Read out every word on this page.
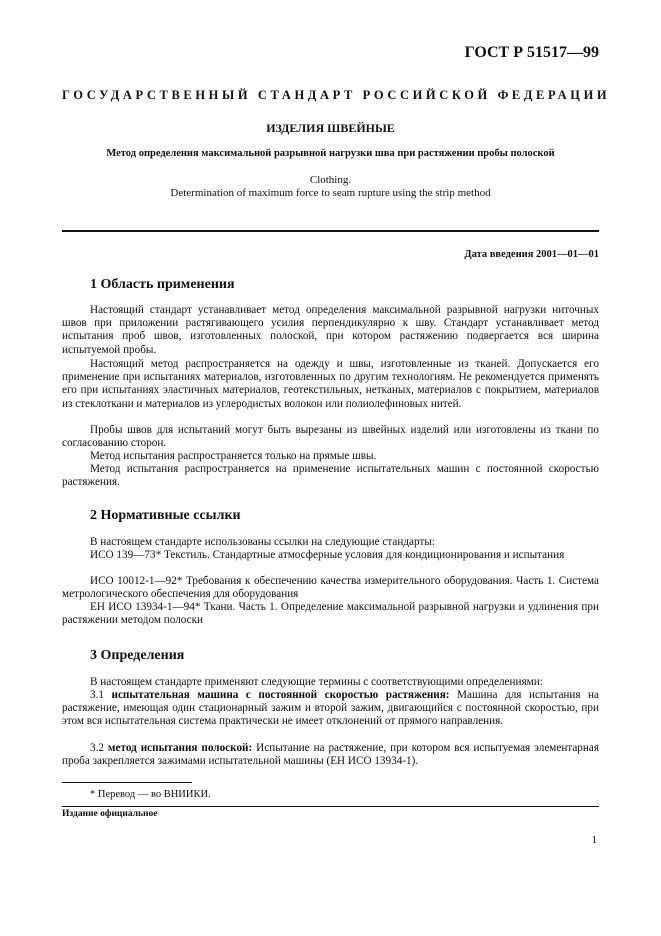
ГОСТ Р 51517—99
ГОСУДАРСТВЕННЫЙ СТАНДАРТ РОССИЙСКОЙ ФЕДЕРАЦИИ
ИЗДЕЛИЯ ШВЕЙНЫЕ
Метод определения максимальной разрывной нагрузки шва при растяжении пробы полоской
Clothing.
Determination of maximum force to seam rupture using the strip method
Дата введения 2001—01—01
1 Область применения

Настоящий стандарт устанавливает метод определения максимальной разрывной нагрузки ниточных швов при приложении растягивающего усилия перпендикулярно к шву. Стандарт устанавливает метод испытания проб швов, изготовленных полоской, при котором растяжению подвергается вся ширина испытуемой пробы.

Настоящий метод распространяется на одежду и швы, изготовленные из тканей. Допускается его применение при испытаниях материалов, изготовленных по другим технологиям. Не рекомендуется применять его при испытаниях эластичных материалов, геотекстильных, нетканых, материалов с покрытием, материалов из стеклоткани и материалов из углеродистых волокон или полиолефиновых нитей.

Пробы швов для испытаний могут быть вырезаны из швейных изделий или изготовлены из ткани по согласованию сторон.

Метод испытания распространяется только на прямые швы.

Метод испытания распространяется на применение испытательных машин с постоянной скоростью растяжения.

2 Нормативные ссылки

В настоящем стандарте использованы ссылки на следующие стандарты:

ИСО 139—73* Текстиль. Стандартные атмосферные условия для кондиционирования и испытания

ИСО 10012-1—92* Требования к обеспечению качества измерительного оборудования. Часть 1. Система метрологического обеспечения для оборудования

ЕН ИСО 13934-1—94* Ткани. Часть 1. Определение максимальной разрывной нагрузки и удлинения при растяжении методом полоски

3 Определения

В настоящем стандарте применяют следующие термины с соответствующими определениями:

3.1 испытательная машина с постоянной скоростью растяжения: Машина для испытания на растяжение, имеющая один стационарный зажим и второй зажим, двигающийся с постоянной скоростью, при этом вся испытательная система практически не имеет отклонений от прямого направления.

3.2 метод испытания полоской: Испытание на растяжение, при котором вся испытуемая элементарная проба закрепляется зажимами испытательной машины (ЕН ИСО 13934-1).

* Перевод — во ВНИИКИ.
Издание официальное
1
